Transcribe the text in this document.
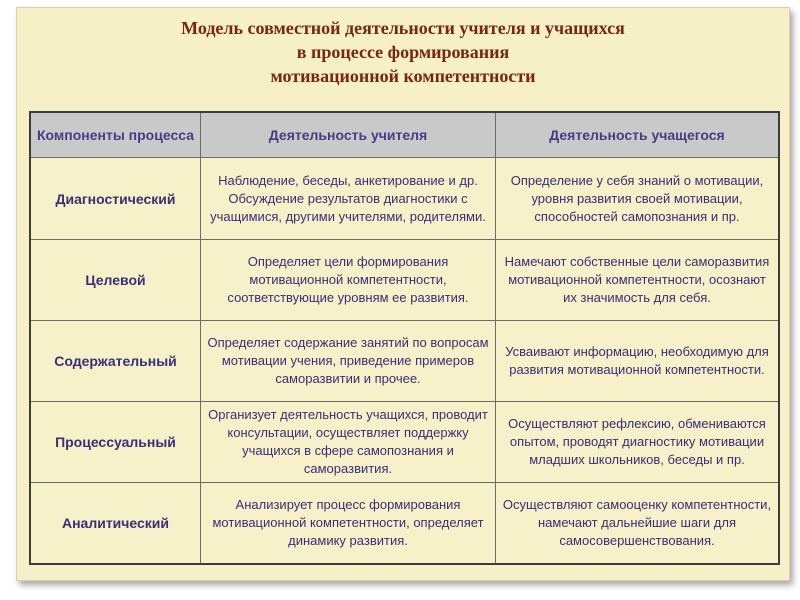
Модель совместной деятельности учителя и учащихся
в процессе формирования
мотивационной компетентности
Компоненты процесса	Деятельность учителя	Деятельность учащегося
Диагностический	Наблюдение, беседы, анкетирование и др. Обсуждение результатов диагностики с учащимися, другими учителями, родителями.	Определение у себя знаний о мотивации, уровня развития своей мотивации, способностей самопознания и пр.
Целевой	Определяет цели формирования мотивационной компетентности, соответствующие уровням ее развития.	Намечают собственные цели саморазвития мотивационной компетентности, осознают их значимость для себя.
Содержательный	Определяет содержание занятий по вопросам мотивации учения, приведение примеров саморазвитии и прочее.	Усваивают информацию, необходимую для развития мотивационной компетентности.
Процессуальный	Организует деятельность учащихся, проводит консультации, осуществляет поддержку учащихся в сфере самопознания и саморазвития.	Осуществляют рефлексию, обмениваются опытом, проводят диагностику мотивации младших школьников, беседы и пр.
Аналитический	Анализирует процесс формирования мотивационной компетентности, определяет динамику развития.	Осуществляют самооценку компетентности, намечают дальнейшие шаги для самосовершенствования.
